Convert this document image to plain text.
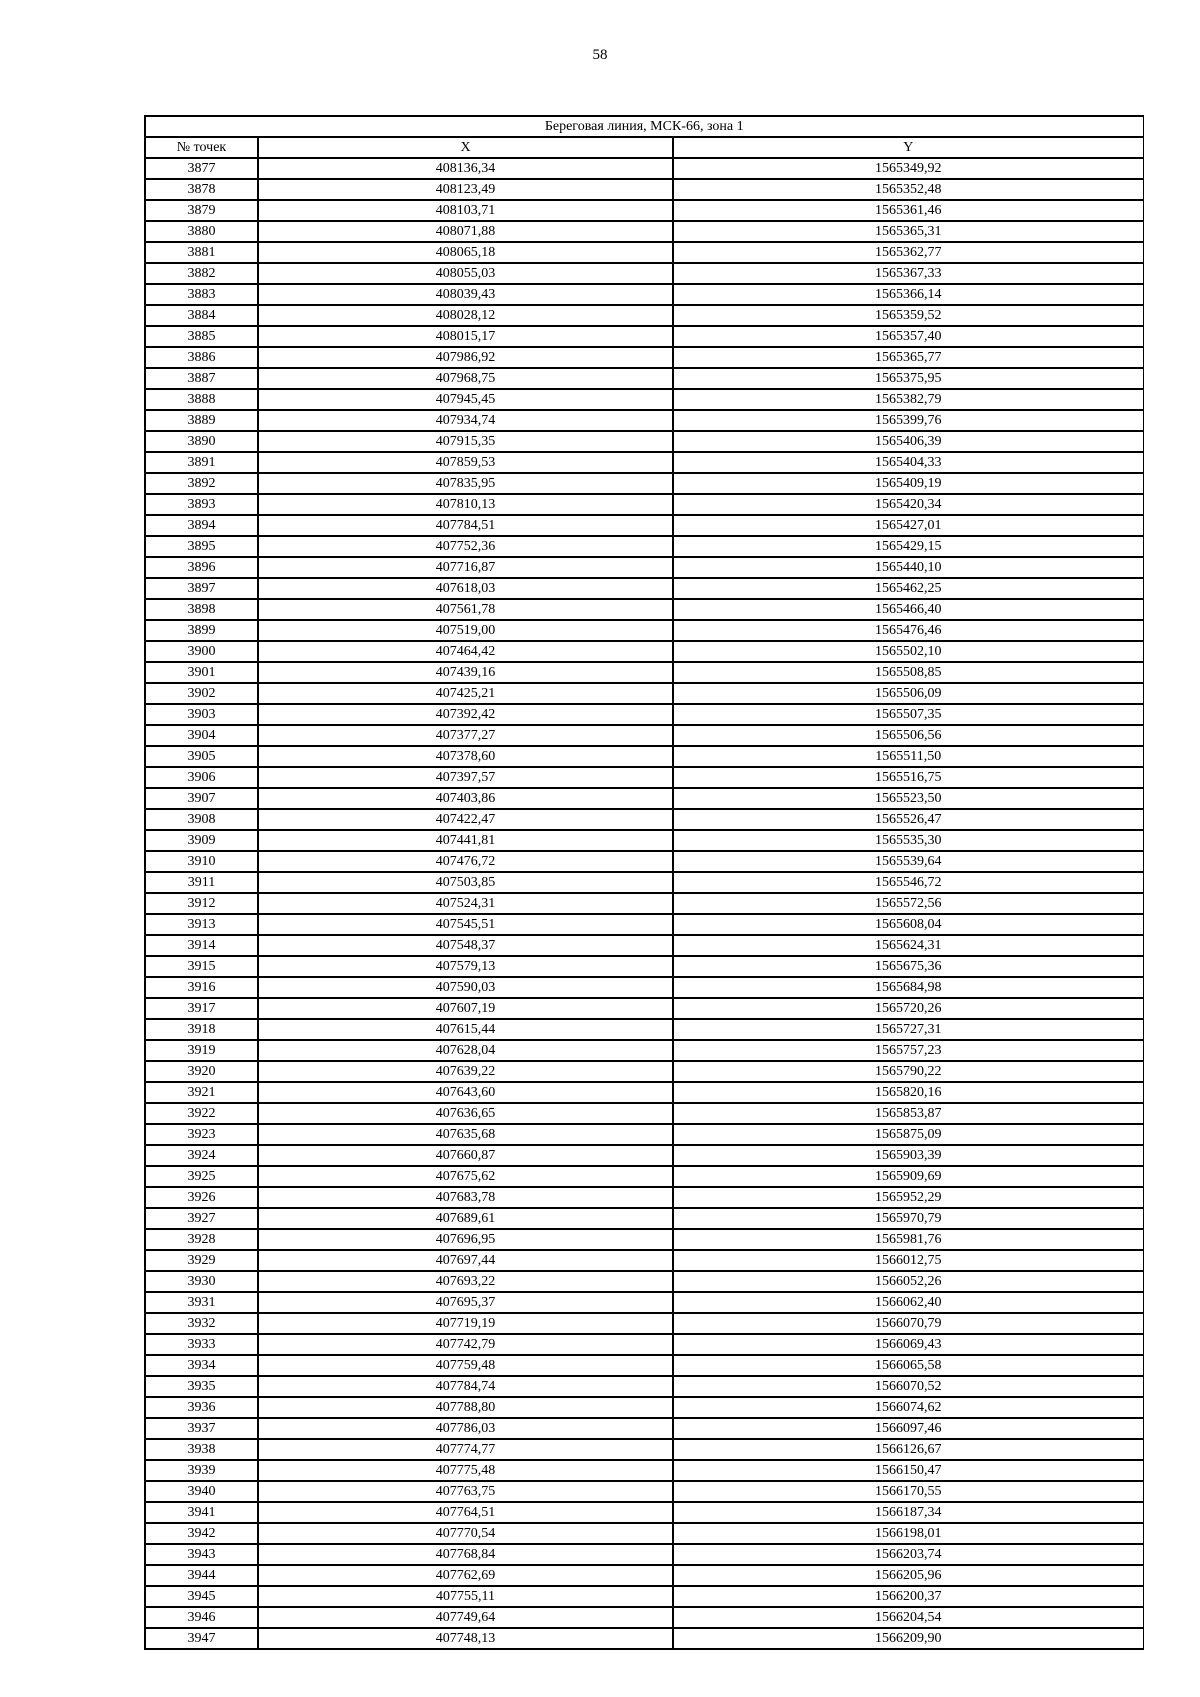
58
Береговая линия, МСК-66, зона 1		
№ точек	X	Y
3877	408136,34	1565349,92
3878	408123,49	1565352,48
3879	408103,71	1565361,46
3880	408071,88	1565365,31
3881	408065,18	1565362,77
3882	408055,03	1565367,33
3883	408039,43	1565366,14
3884	408028,12	1565359,52
3885	408015,17	1565357,40
3886	407986,92	1565365,77
3887	407968,75	1565375,95
3888	407945,45	1565382,79
3889	407934,74	1565399,76
3890	407915,35	1565406,39
3891	407859,53	1565404,33
3892	407835,95	1565409,19
3893	407810,13	1565420,34
3894	407784,51	1565427,01
3895	407752,36	1565429,15
3896	407716,87	1565440,10
3897	407618,03	1565462,25
3898	407561,78	1565466,40
3899	407519,00	1565476,46
3900	407464,42	1565502,10
3901	407439,16	1565508,85
3902	407425,21	1565506,09
3903	407392,42	1565507,35
3904	407377,27	1565506,56
3905	407378,60	1565511,50
3906	407397,57	1565516,75
3907	407403,86	1565523,50
3908	407422,47	1565526,47
3909	407441,81	1565535,30
3910	407476,72	1565539,64
3911	407503,85	1565546,72
3912	407524,31	1565572,56
3913	407545,51	1565608,04
3914	407548,37	1565624,31
3915	407579,13	1565675,36
3916	407590,03	1565684,98
3917	407607,19	1565720,26
3918	407615,44	1565727,31
3919	407628,04	1565757,23
3920	407639,22	1565790,22
3921	407643,60	1565820,16
3922	407636,65	1565853,87
3923	407635,68	1565875,09
3924	407660,87	1565903,39
3925	407675,62	1565909,69
3926	407683,78	1565952,29
3927	407689,61	1565970,79
3928	407696,95	1565981,76
3929	407697,44	1566012,75
3930	407693,22	1566052,26
3931	407695,37	1566062,40
3932	407719,19	1566070,79
3933	407742,79	1566069,43
3934	407759,48	1566065,58
3935	407784,74	1566070,52
3936	407788,80	1566074,62
3937	407786,03	1566097,46
3938	407774,77	1566126,67
3939	407775,48	1566150,47
3940	407763,75	1566170,55
3941	407764,51	1566187,34
3942	407770,54	1566198,01
3943	407768,84	1566203,74
3944	407762,69	1566205,96
3945	407755,11	1566200,37
3946	407749,64	1566204,54
3947	407748,13	1566209,90
